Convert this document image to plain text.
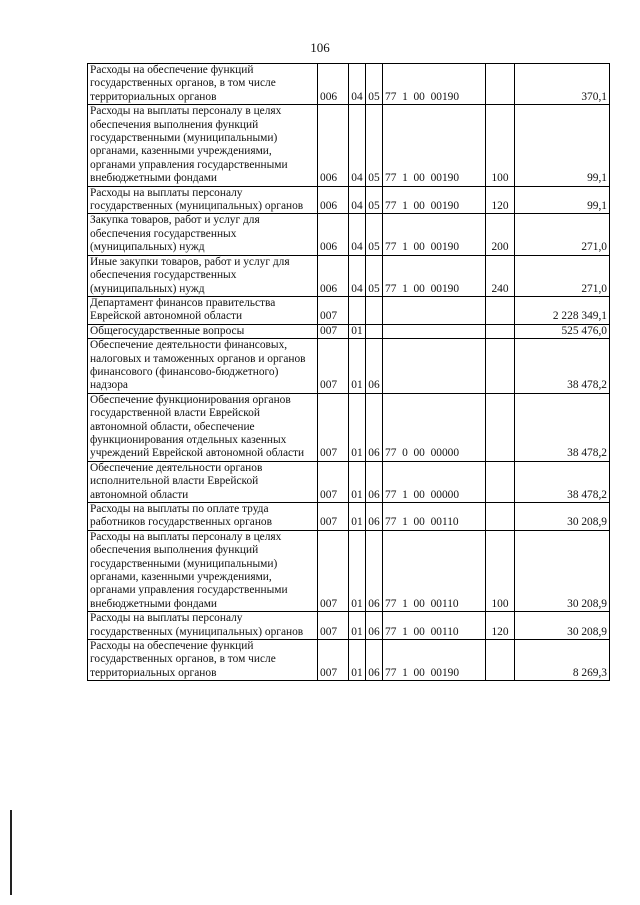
106
Расходы на обеспечение функций государственных органов, в том числе территориальных органов	006	04	05	77  1  00  00190		370,1
Расходы на выплаты персоналу в целях обеспечения выполнения функций государственными (муниципальными) органами, казенными учреждениями, органами управления государственными внебюджетными фондами	006	04	05	77  1  00  00190	100	99,1
Расходы на выплаты персоналу государственных (муниципальных) органов	006	04	05	77  1  00  00190	120	99,1
Закупка товаров, работ и услуг для обеспечения государственных (муниципальных) нужд	006	04	05	77  1  00  00190	200	271,0
Иные закупки товаров, работ и услуг для обеспечения государственных (муниципальных) нужд	006	04	05	77  1  00  00190	240	271,0
Департамент финансов правительства Еврейской автономной области	007					2 228 349,1
Общегосударственные вопросы	007	01				525 476,0
Обеспечение деятельности финансовых, налоговых и таможенных органов и органов финансового (финансово-бюджетного) надзора	007	01	06			38 478,2
Обеспечение функционирования органов государственной власти Еврейской автономной области, обеспечение функционирования отдельных казенных учреждений Еврейской автономной области	007	01	06	77  0  00  00000		38 478,2
Обеспечение деятельности органов исполнительной власти Еврейской автономной области	007	01	06	77  1  00  00000		38 478,2
Расходы на выплаты по оплате труда работников государственных органов	007	01	06	77  1  00  00110		30 208,9
Расходы на выплаты персоналу в целях обеспечения выполнения функций государственными (муниципальными) органами, казенными учреждениями, органами управления государственными внебюджетными фондами	007	01	06	77  1  00  00110	100	30 208,9
Расходы на выплаты персоналу государственных (муниципальных) органов	007	01	06	77  1  00  00110	120	30 208,9
Расходы на обеспечение функций государственных органов, в том числе территориальных органов	007	01	06	77  1  00  00190		8 269,3
